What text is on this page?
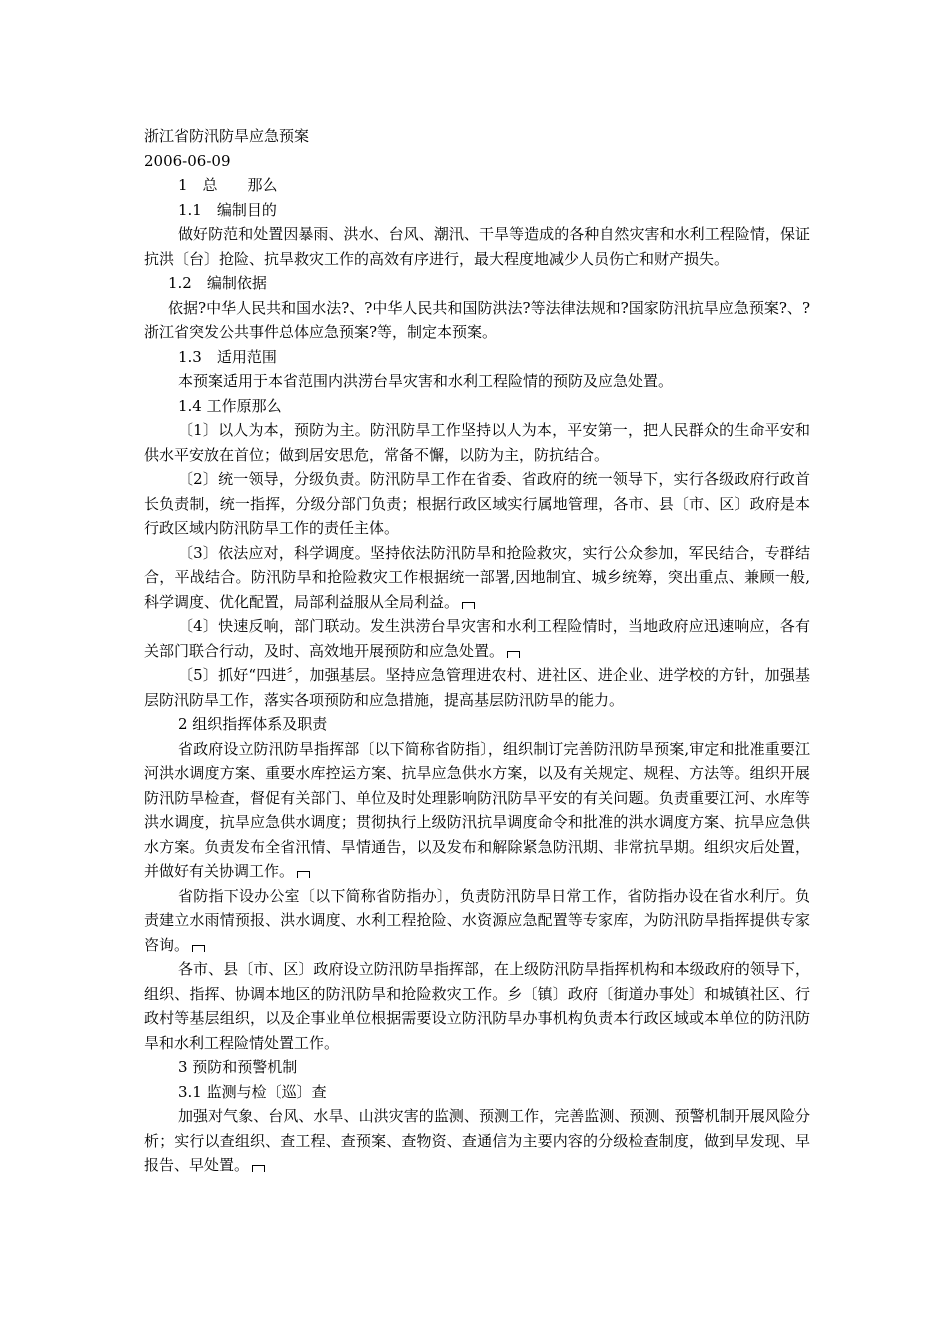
浙江省防汛防旱应急预案

2006-06-09

1　总　　那么

1.1　编制目的

做好防范和处置因暴雨、洪水、台风、潮汛、干旱等造成的各种自然灾害和水利工程险情，保证抗洪〔台〕抢险、抗旱救灾工作的高效有序进行，最大程度地减少人员伤亡和财产损失。

1.2　编制依据

依据?中华人民共和国水法?、?中华人民共和国防洪法?等法律法规和?国家防汛抗旱应急预案?、?浙江省突发公共事件总体应急预案?等，制定本预案。

1.3　适用范围

本预案适用于本省范围内洪涝台旱灾害和水利工程险情的预防及应急处置。

1.4 工作原那么

〔1〕以人为本，预防为主。防汛防旱工作坚持以人为本，平安第一，把人民群众的生命平安和供水平安放在首位；做到居安思危，常备不懈，以防为主，防抗结合。

〔2〕统一领导，分级负责。防汛防旱工作在省委、省政府的统一领导下，实行各级政府行政首长负责制，统一指挥，分级分部门负责；根据行政区域实行属地管理，各市、县〔市、区〕政府是本行政区域内防汛防旱工作的责任主体。

〔3〕依法应对，科学调度。坚持依法防汛防旱和抢险救灾，实行公众参加，军民结合，专群结合，平战结合。防汛防旱和抢险救灾工作根据统一部署,因地制宜、城乡统筹，突出重点、兼顾一般,科学调度、优化配置，局部利益服从全局利益。

〔4〕快速反响，部门联动。发生洪涝台旱灾害和水利工程险情时，当地政府应迅速响应，各有关部门联合行动，及时、高效地开展预防和应急处置。

〔5〕抓好“四进〞，加强基层。坚持应急管理进农村、进社区、进企业、进学校的方针，加强基层防汛防旱工作，落实各项预防和应急措施，提高基层防汛防旱的能力。

2 组织指挥体系及职责

省政府设立防汛防旱指挥部〔以下简称省防指〕，组织制订完善防汛防旱预案,审定和批准重要江河洪水调度方案、重要水库控运方案、抗旱应急供水方案，以及有关规定、规程、方法等。组织开展防汛防旱检查，督促有关部门、单位及时处理影响防汛防旱平安的有关问题。负责重要江河、水库等洪水调度，抗旱应急供水调度；贯彻执行上级防汛抗旱调度命令和批准的洪水调度方案、抗旱应急供水方案。负责发布全省汛情、旱情通告，以及发布和解除紧急防汛期、非常抗旱期。组织灾后处置，并做好有关协调工作。

省防指下设办公室〔以下简称省防指办〕，负责防汛防旱日常工作，省防指办设在省水利厅。负责建立水雨情预报、洪水调度、水利工程抢险、水资源应急配置等专家库，为防汛防旱指挥提供专家咨询。

各市、县〔市、区〕政府设立防汛防旱指挥部，在上级防汛防旱指挥机构和本级政府的领导下，组织、指挥、协调本地区的防汛防旱和抢险救灾工作。乡〔镇〕政府〔街道办事处〕和城镇社区、行政村等基层组织，以及企事业单位根据需要设立防汛防旱办事机构负责本行政区域或本单位的防汛防旱和水利工程险情处置工作。

3 预防和预警机制

3.1 监测与检〔巡〕查

加强对气象、台风、水旱、山洪灾害的监测、预测工作，完善监测、预测、预警机制开展风险分析；实行以查组织、查工程、查预案、查物资、查通信为主要内容的分级检查制度，做到早发现、早报告、早处置。
